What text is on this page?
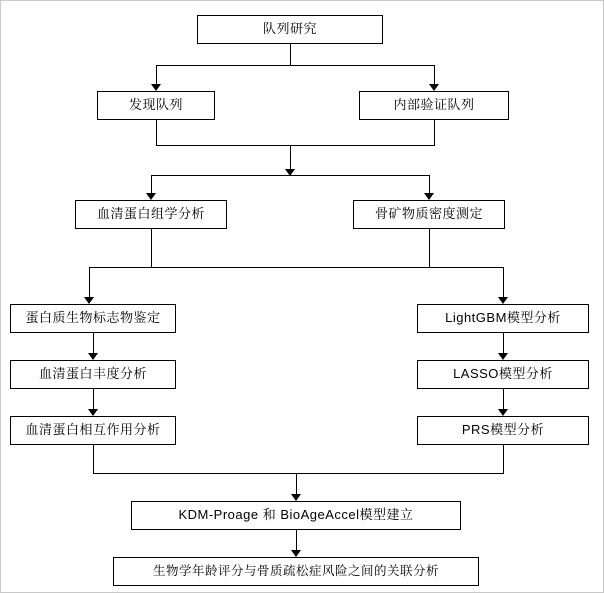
队列研究
发现队列	内部验证队列
血清蛋白组学分析	骨矿物质密度测定
蛋白质生物标志物鉴定	LightGBM模型分析
血清蛋白丰度分析	LASSO模型分析
血清蛋白相互作用分析	PRS模型分析
KDM-Proage 和 BioAgeAccel模型建立
生物学年龄评分与骨质疏松症风险之间的关联分析
